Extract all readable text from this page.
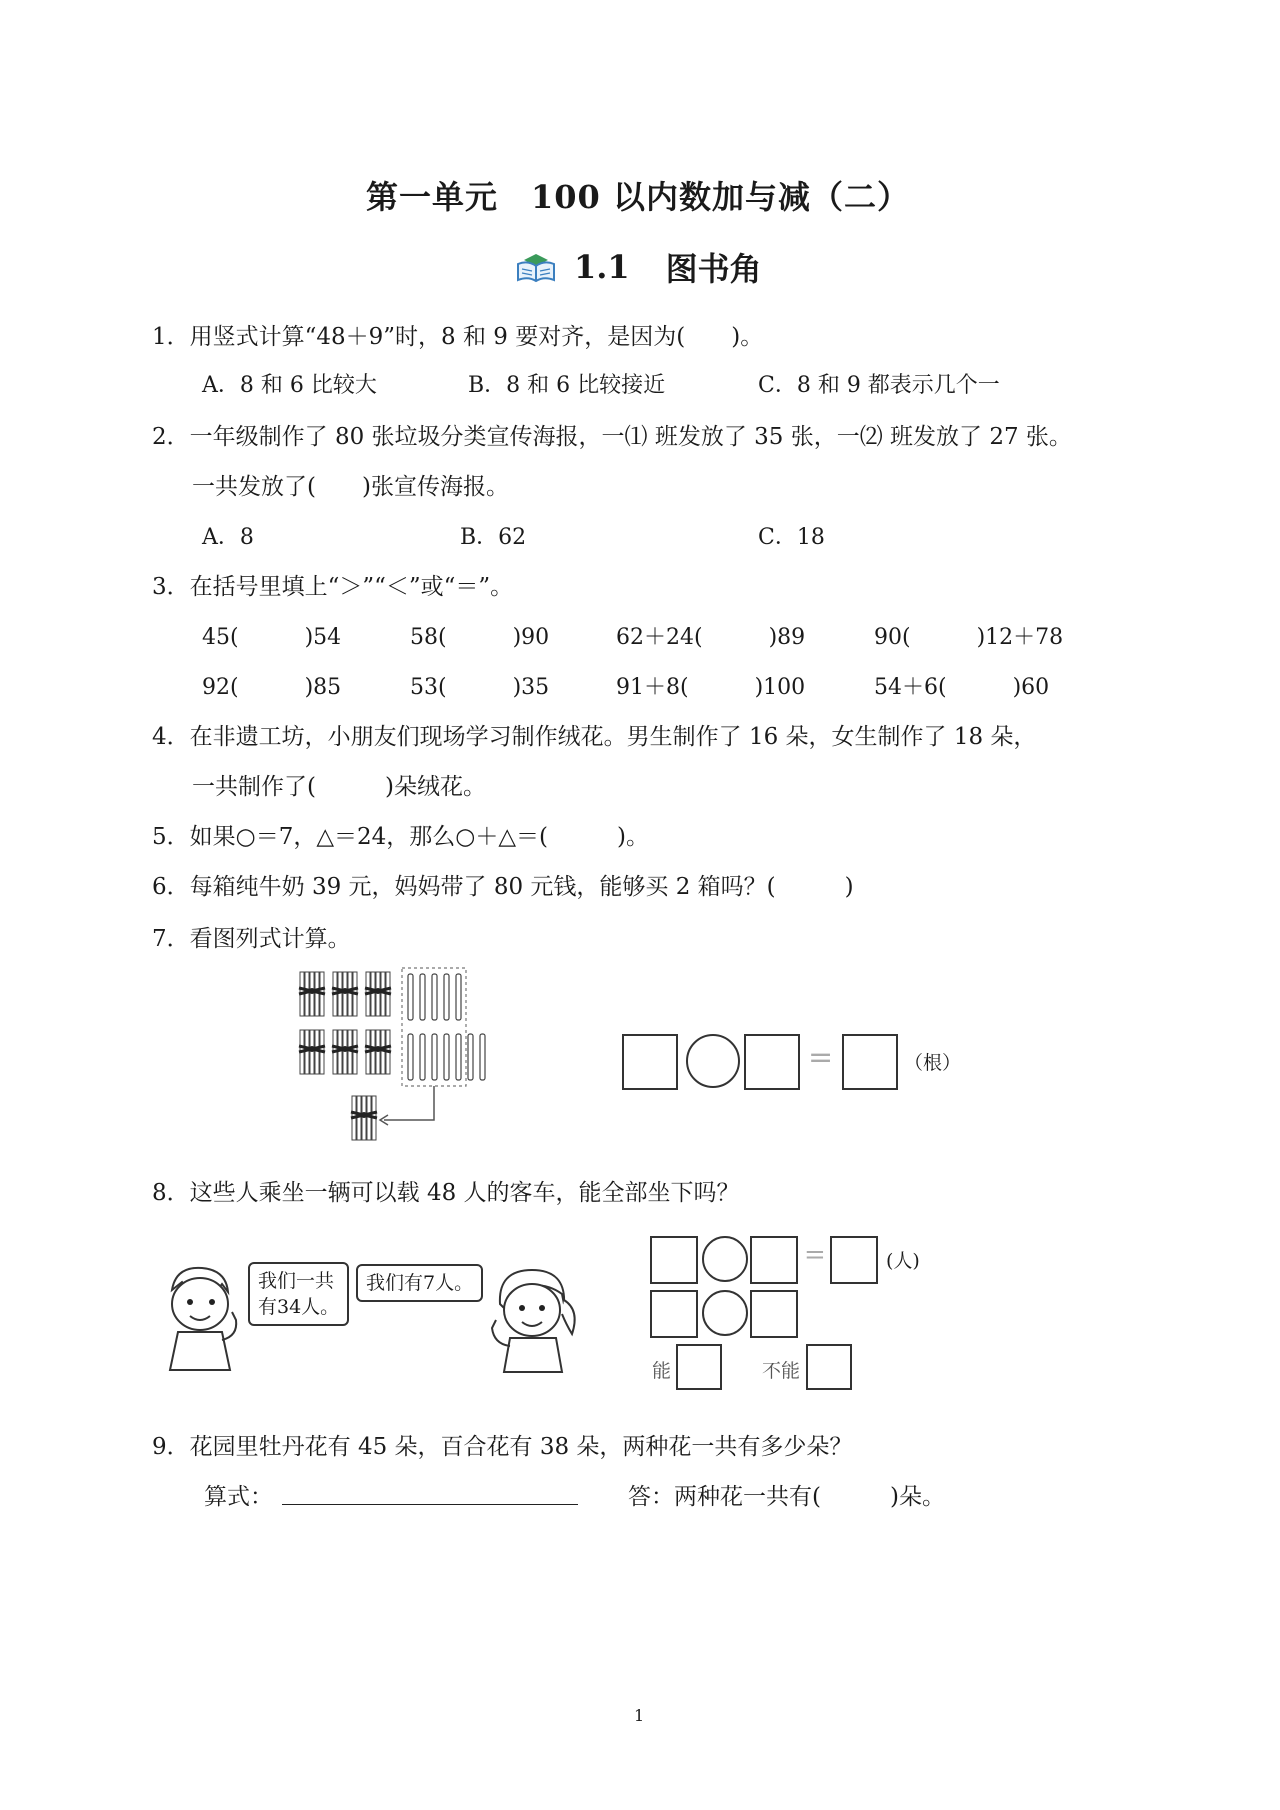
第一单元　100 以内数加与减（二）
1.1 图书角
1．用竖式计算“48＋9”时，8 和 9 要对齐，是因为(　　)。
A．8 和 6 比较大	B．8 和 6 比较接近	C．8 和 9 都表示几个一
2．一年级制作了 80 张垃圾分类宣传海报，一⑴ 班发放了 35 张，一⑵ 班发放了 27 张。
一共发放了(　　)张宣传海报。
A．8	B．62	C．18
3．在括号里填上“＞”“＜”或“＝”。
45(　　　)54	58(　　　)90	62＋24(　　　)89	90(　　　)12＋78
92(　　　)85	53(　　　)35	91＋8(　　　)100	54＋6(　　　)60
4．在非遗工坊，小朋友们现场学习制作绒花。男生制作了 16 朵，女生制作了 18 朵，
一共制作了(　　　)朵绒花。
5．如果○＝7，△＝24，那么○＋△＝(　　　)。
6．每箱纯牛奶 39 元，妈妈带了 80 元钱，能够买 2 箱吗？(　　　)
7．看图列式计算。
=	（根）
8．这些人乘坐一辆可以载 48 人的客车，能全部坐下吗？
我们一共
有34人。
我们有7人。
=	(人)
能	不能
9．花园里牡丹花有 45 朵，百合花有 38 朵，两种花一共有多少朵？
算式：	答：两种花一共有(　　　)朵。
1
